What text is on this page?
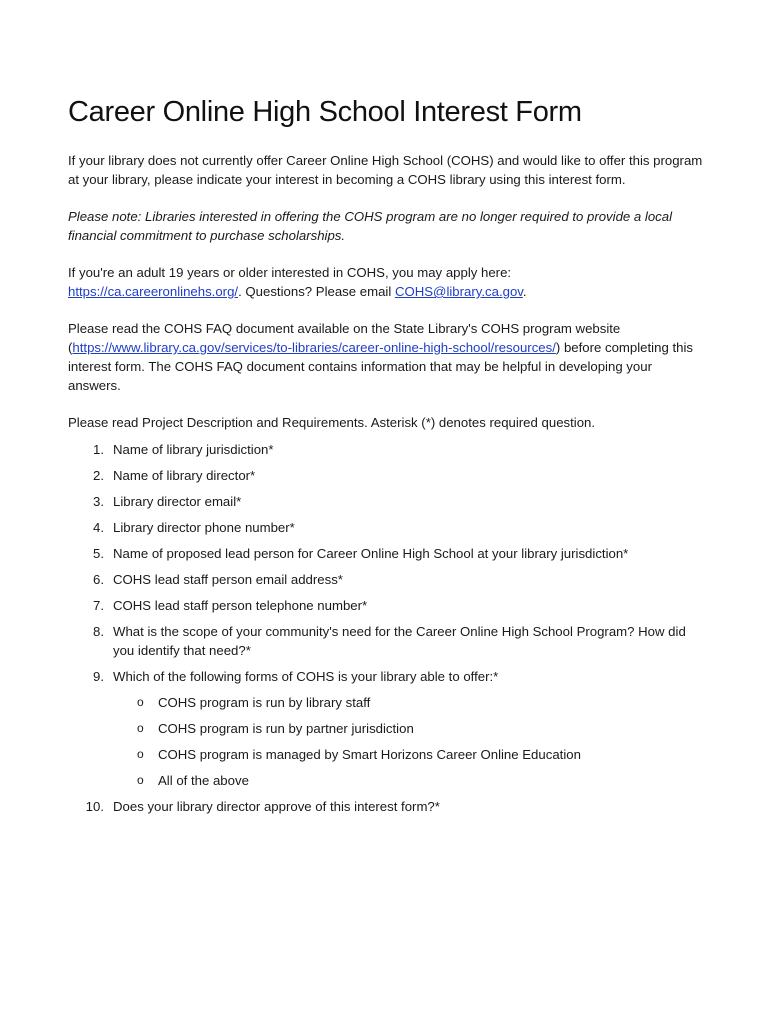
Career Online High School Interest Form

If your library does not currently offer Career Online High School (COHS) and would like to offer this program at your library, please indicate your interest in becoming a COHS library using this interest form.

Please note: Libraries interested in offering the COHS program are no longer required to provide a local financial commitment to purchase scholarships.

If you're an adult 19 years or older interested in COHS, you may apply here:
https://ca.careeronlinehs.org/. Questions? Please email COHS@library.ca.gov.

Please read the COHS FAQ document available on the State Library's COHS program website (https://www.library.ca.gov/services/to-libraries/career-online-high-school/resources/) before completing this interest form. The COHS FAQ document contains information that may be helpful in developing your answers.

Please read Project Description and Requirements. Asterisk (*) denotes required question.

1. Name of library jurisdiction*
2. Name of library director*
3. Library director email*
4. Library director phone number*
5. Name of proposed lead person for Career Online High School at your library jurisdiction*
6. COHS lead staff person email address*
7. COHS lead staff person telephone number*
8. What is the scope of your community's need for the Career Online High School Program? How did you identify that need?*
9. Which of the following forms of COHS is your library able to offer:*
o COHS program is run by library staff
o COHS program is run by partner jurisdiction
o COHS program is managed by Smart Horizons Career Online Education
o All of the above
10. Does your library director approve of this interest form?*
